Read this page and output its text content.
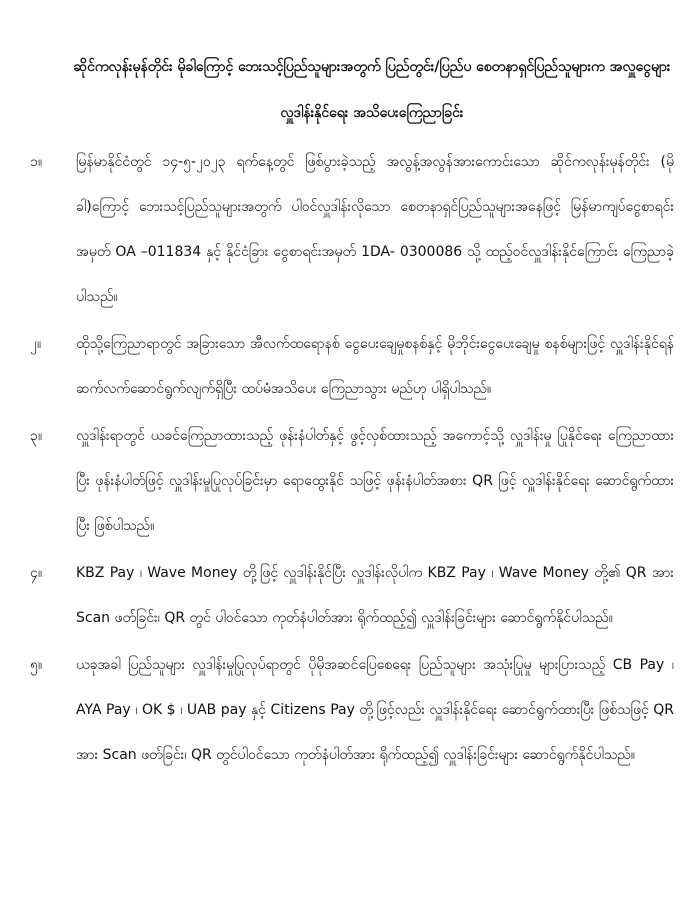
ဆိုင်ကလုန်းမုန်တိုင်း မိုခါကြောင့် ဘေးသင့်ပြည်သူများအတွက် ပြည်တွင်း/ပြည်ပ စေတနာရှင်ပြည်သူများက အလှူငွေများ လှူဒါန်းနိုင်ရေး အသိပေးကြေညာခြင်း
၁။	မြန်မာနိုင်ငံတွင် ၁၄-၅-၂၀၂၃ ရက်နေ့တွင် ဖြစ်ပွားခဲ့သည့် အလွန့်အလွန်အားကောင်းသော ဆိုင်ကလုန်းမုန်တိုင်း (မိုခါ)ကြောင့် ဘေးသင့်ပြည်သူများအတွက် ပါဝင်လှူဒါန်းလိုသော စေတနာရှင်ပြည်သူများအနေဖြင့် မြန်မာကျပ်ငွေစာရင်းအမှတ် OA –011834 နှင့် နိုင်ငံခြား ငွေစာရင်းအမှတ် 1DA- 0300086 သို့ ထည့်ဝင်လှူဒါန်းနိုင်ကြောင်း ကြေညာခဲ့ပါသည်။
၂။	ထိုသို့ကြေညာရာတွင် အခြားသော အီလက်ထရောနစ် ငွေပေးချေမှုစနစ်နှင့် မိုဘိုင်းငွေပေးချေမှု စနစ်များဖြင့် လှူဒါန်းနိုင်ရန် ဆက်လက်ဆောင်ရွက်လျက်ရှိပြီး ထပ်မံအသိပေး ကြေညာသွား မည်ဟု ပါရှိပါသည်။
၃။	လှူဒါန်းရာတွင် ယခင်ကြေညာထားသည့် ဖုန်းနံပါတ်နှင့် ဖွင့်လှစ်ထားသည့် အကောင့်သို့ လှူဒါန်းမှု ပြုနိုင်ရေး ကြေညာထားပြီး ဖုန်းနံပါတ်ဖြင့် လှူဒါန်းမှုပြုလုပ်ခြင်းမှာ ရောထွေးနိုင် သဖြင့် ဖုန်းနံပါတ်အစား QR ဖြင့် လှူဒါန်းနိုင်ရေး ဆောင်ရွက်ထားပြီး ဖြစ်ပါသည်။
၄။	KBZ Pay ၊ Wave Money တို့ဖြင့် လှူဒါန်းနိုင်ပြီး လှူဒါန်းလိုပါက KBZ Pay ၊ Wave Money တို့၏ QR အား Scan ဖတ်ခြင်း၊ QR တွင် ပါဝင်သော ကုတ်နံပါတ်အား ရိုက်ထည့်၍ လှူဒါန်းခြင်းများ ဆောင်ရွက်နိုင်ပါသည်။
၅။	ယခုအခါ ပြည်သူများ လှူဒါန်းမှုပြုလုပ်ရာတွင် ပိုမိုအဆင်ပြေစေရေး ပြည်သူများ အသုံးပြုမှု များပြားသည့် CB Pay ၊ AYA Pay ၊ OK $ ၊ UAB pay နှင့် Citizens Pay တို့ဖြင့်လည်း လှူဒါန်းနိုင်ရေး ဆောင်ရွက်ထားပြီး ဖြစ်သဖြင့် QR အား Scan ဖတ်ခြင်း၊ QR တွင်ပါဝင်သော ကုတ်နံပါတ်အား ရိုက်ထည့်၍ လှူဒါန်းခြင်းများ ဆောင်ရွက်နိုင်ပါသည်။
